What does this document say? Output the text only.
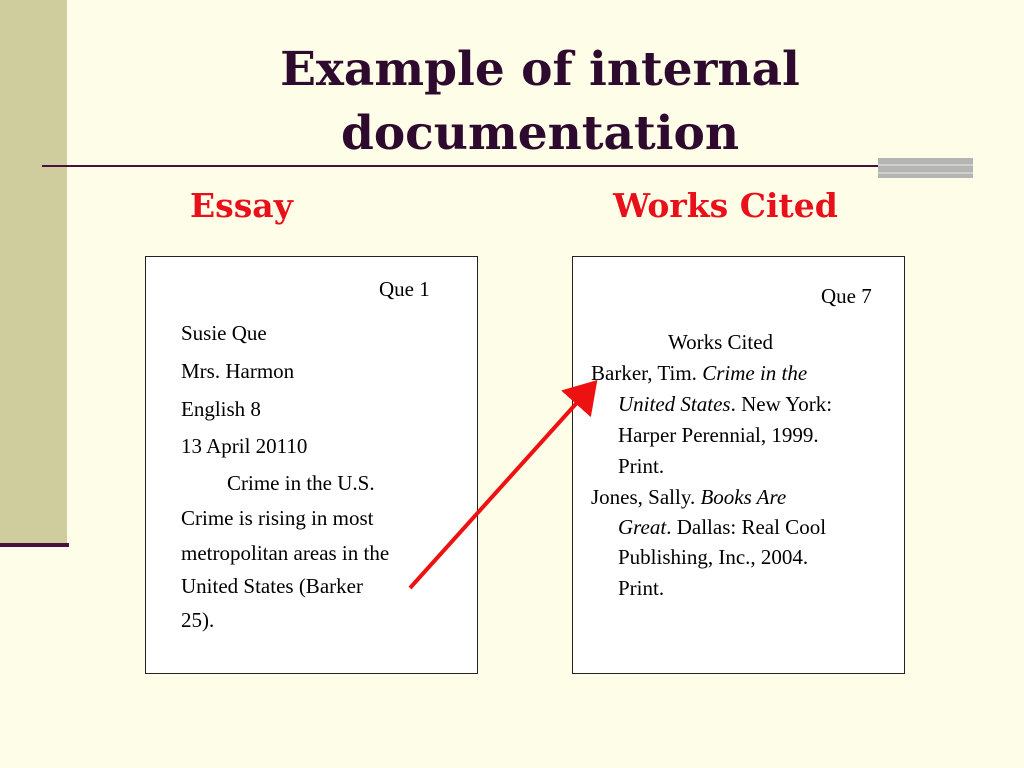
Example of internal
documentation
Essay	Works Cited
Que 1
Susie Que
Mrs. Harmon
English 8
13 April 20110
Crime in the U.S.
Crime is rising in most
metropolitan areas in the
United States (Barker
25).
Que 7
Works Cited
Barker, Tim. Crime in the
United States. New York:
Harper Perennial, 1999.
Print.
Jones, Sally. Books Are
Great. Dallas: Real Cool
Publishing, Inc., 2004.
Print.
